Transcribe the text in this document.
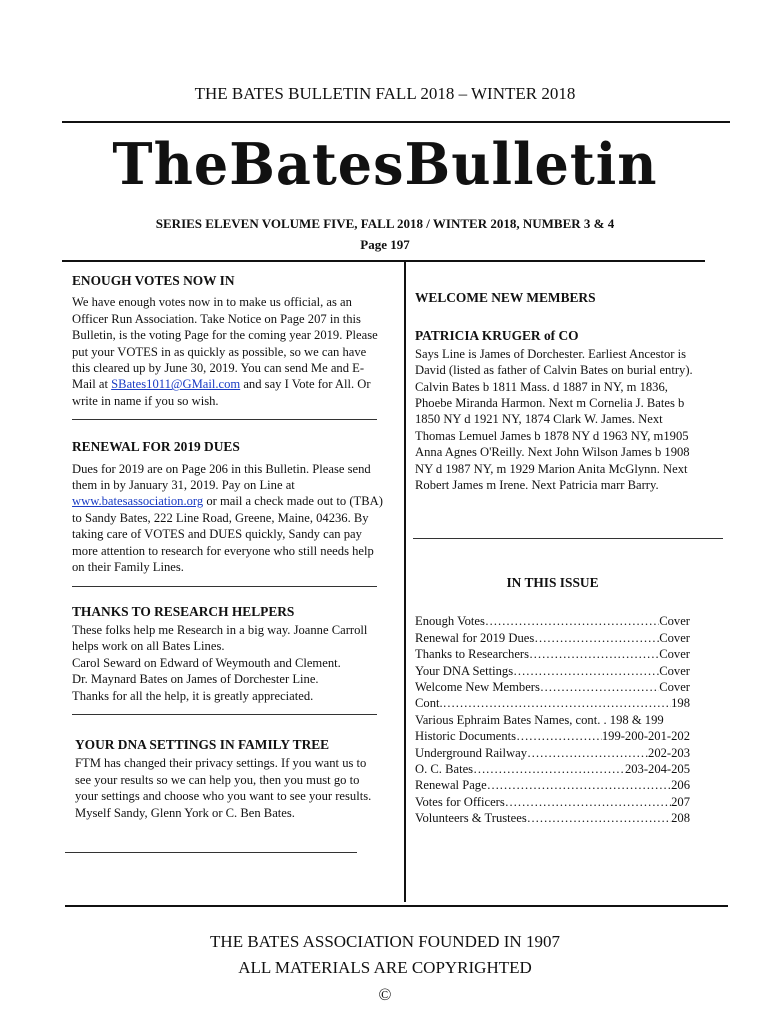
THE BATES BULLETIN FALL 2018 – WINTER 2018
TheBatesBulletin
SERIES ELEVEN VOLUME FIVE, FALL 2018 / WINTER 2018, NUMBER 3 & 4
Page 197
ENOUGH VOTES NOW IN

We have enough votes now in to make us official, as an Officer Run Association. Take Notice on Page 207 in this Bulletin, is the voting Page for the coming year 2019. Please put your VOTES in as quickly as possible, so we can have this cleared up by June 30, 2019. You can send Me and E-Mail at SBates1011@GMail.com and say I Vote for All. Or write in name if you so wish.

RENEWAL FOR 2019 DUES

Dues for 2019 are on Page 206 in this Bulletin. Please send them in by January 31, 2019. Pay on Line at www.batesassociation.org or mail a check made out to (TBA) to Sandy Bates, 222 Line Road, Greene, Maine, 04236. By taking care of VOTES and DUES quickly, Sandy can pay more attention to research for everyone who still needs help on their Family Lines.

THANKS TO RESEARCH HELPERS

These folks help me Research in a big way. Joanne Carroll helps work on all Bates Lines.

Carol Seward on Edward of Weymouth and Clement.

Dr. Maynard Bates on James of Dorchester Line.

Thanks for all the help, it is greatly appreciated.

YOUR DNA SETTINGS IN FAMILY TREE

FTM has changed their privacy settings. If you want us to see your results so we can help you, then you must go to your settings and choose who you want to see your results. Myself Sandy, Glenn York or C. Ben Bates.

WELCOME NEW MEMBERS
PATRICIA KRUGER of CO

Says Line is James of Dorchester. Earliest Ancestor is David (listed as father of Calvin Bates on burial entry). Calvin Bates b 1811 Mass. d 1887 in NY, m 1836, Phoebe Miranda Harmon. Next m Cornelia J. Bates b 1850 NY d 1921 NY, 1874 Clark W. James. Next Thomas Lemuel James b 1878 NY d 1963 NY, m1905 Anna Agnes O'Reilly. Next John Wilson James b 1908 NY d 1987 NY, m 1929 Marion Anita McGlynn. Next Robert James m Irene. Next Patricia marr Barry.

IN THIS ISSUE
Enough Votes …………………………………………………………………	Cover
Renewal for 2019 Dues …………………………………………………………………	Cover
Thanks to Researchers …………………………………………………………………	Cover
Your DNA Settings …………………………………………………………………	Cover
Welcome New Members …………………………………………………………………	Cover
Cont. …………………………………………………………………	198
Various Ephraim Bates Names, cont. . 198 & 199
Historic Documents …………………………………………………………………	199-200-201-202
Underground Railway …………………………………………………………………	202-203
O. C. Bates …………………………………………………………………	203-204-205
Renewal Page …………………………………………………………………	206
Votes for Officers …………………………………………………………………	207
Volunteers & Trustees …………………………………………………………………	208
THE BATES ASSOCIATION FOUNDED IN 1907
ALL MATERIALS ARE COPYRIGHTED
©
